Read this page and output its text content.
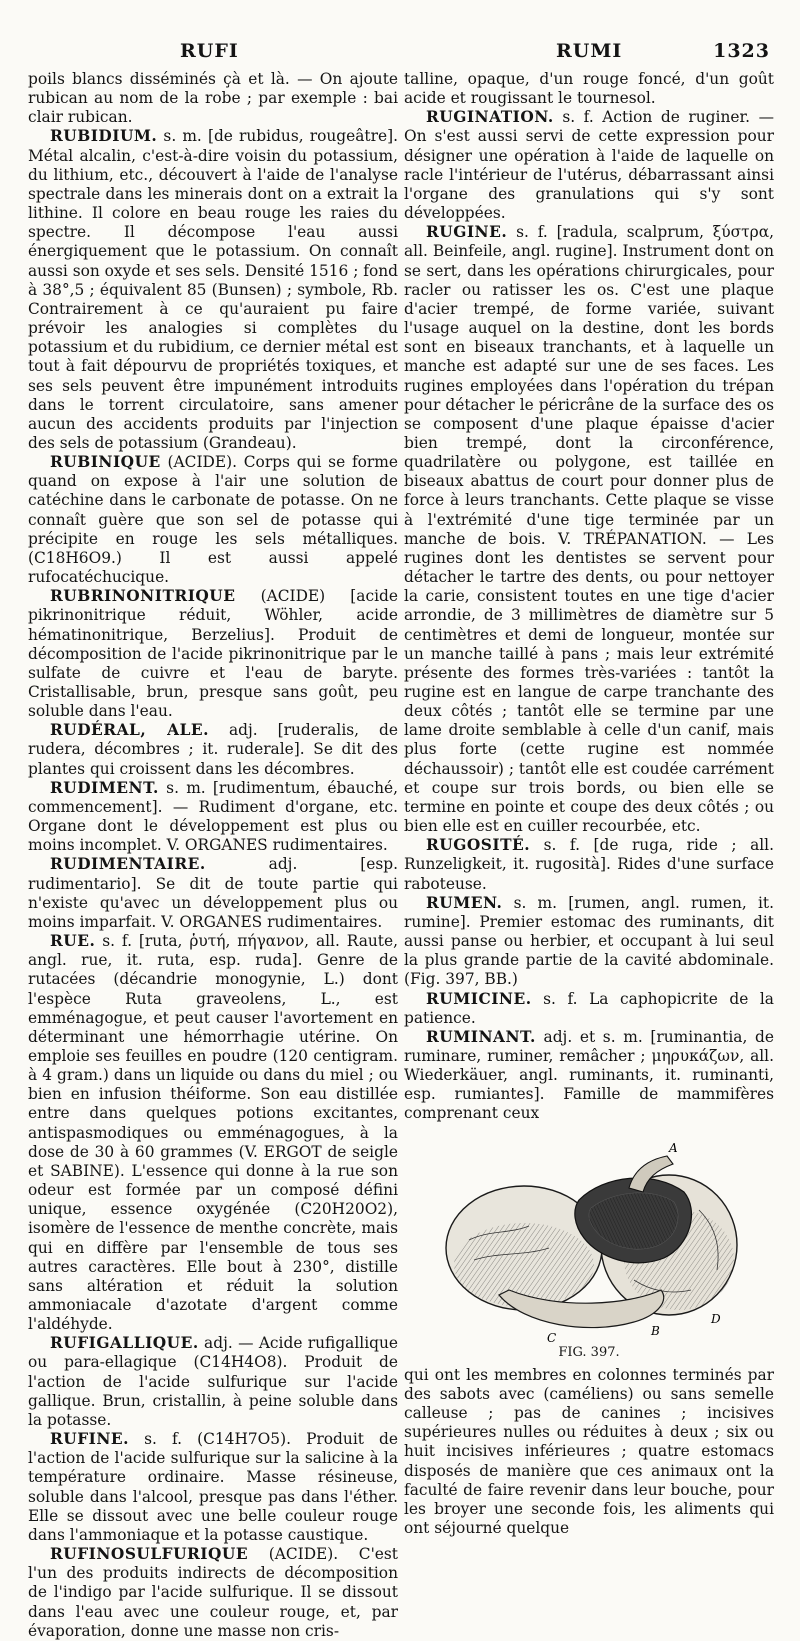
RUFI	RUMI	1323

poils blancs disséminés çà et là. — On ajoute rubican au nom de la robe ; par exemple : bai clair rubican.

RUBIDIUM. s. m. [de rubidus, rougeâtre]. Métal alcalin, c'est-à-dire voisin du potassium, du lithium, etc., découvert à l'aide de l'analyse spectrale dans les minerais dont on a extrait la lithine. Il colore en beau rouge les raies du spectre. Il décompose l'eau aussi énergiquement que le potassium. On connaît aussi son oxyde et ses sels. Densité 1516 ; fond à 38°,5 ; équivalent 85 (Bunsen) ; symbole, Rb. Contrairement à ce qu'auraient pu faire prévoir les analogies si complètes du potassium et du rubidium, ce dernier métal est tout à fait dépourvu de propriétés toxiques, et ses sels peuvent être impunément introduits dans le torrent circulatoire, sans amener aucun des accidents produits par l'injection des sels de potassium (Grandeau).

RUBINIQUE (ACIDE). Corps qui se forme quand on expose à l'air une solution de catéchine dans le carbonate de potasse. On ne connaît guère que son sel de potasse qui précipite en rouge les sels métalliques. (C18H6O9.) Il est aussi appelé rufocatéchucique.

RUBRINONITRIQUE (ACIDE) [acide pikrinonitrique réduit, Wöhler, acide hématinonitrique, Berzelius]. Produit de décomposition de l'acide pikrinonitrique par le sulfate de cuivre et l'eau de baryte. Cristallisable, brun, presque sans goût, peu soluble dans l'eau.

RUDÉRAL, ALE. adj. [ruderalis, de rudera, décombres ; it. ruderale]. Se dit des plantes qui croissent dans les décombres.

RUDIMENT. s. m. [rudimentum, ébauché, commencement]. — Rudiment d'organe, etc. Organe dont le développement est plus ou moins incomplet. V. ORGANES rudimentaires.

RUDIMENTAIRE.	adj. [esp. rudimentario]. Se dit de toute partie qui n'existe qu'avec un développement plus ou moins imparfait. V. ORGANES rudimentaires.

RUE. s. f. [ruta, ῥυτή, πήγανον, all. Raute, angl. rue, it. ruta, esp. ruda]. Genre de rutacées (décandrie monogynie, L.) dont l'espèce Ruta graveolens, L., est emménagogue, et peut causer l'avortement en déterminant une hémorrhagie utérine. On emploie ses feuilles en poudre (120 centigram. à 4 gram.) dans un liquide ou dans du miel ; ou bien en infusion théiforme. Son eau distillée entre dans quelques potions excitantes, antispasmodiques ou emménagogues, à la dose de 30 à 60 grammes (V. ERGOT de seigle et SABINE). L'essence qui donne à la rue son odeur est formée par un composé défini unique, essence oxygénée (C20H20O2), isomère de l'essence de menthe concrète, mais qui en diffère par l'ensemble de tous ses autres caractères. Elle bout à 230°, distille sans altération et réduit la solution ammoniacale d'azotate d'argent comme l'aldéhyde.

RUFIGALLIQUE. adj. — Acide rufigallique ou para-ellagique (C14H4O8). Produit de l'action de l'acide sulfurique sur l'acide gallique. Brun, cristallin, à peine soluble dans la potasse.

RUFINE. s. f. (C14H7O5). Produit de l'action de l'acide sulfurique sur la salicine à la température ordinaire. Masse résineuse, soluble dans l'alcool, presque pas dans l'éther. Elle se dissout avec une belle couleur rouge dans l'ammoniaque et la potasse caustique.

RUFINOSULFURIQUE (ACIDE). C'est l'un des produits indirects de décomposition de l'indigo par l'acide sulfurique. Il se dissout dans l'eau avec une couleur rouge, et, par évaporation, donne une masse non cris-

talline, opaque, d'un rouge foncé, d'un goût acide et rougissant le tournesol.

RUGINATION. s. f. Action de ruginer. — On s'est aussi servi de cette expression pour désigner une opération à l'aide de laquelle on racle l'intérieur de l'utérus, débarrassant ainsi l'organe des granulations qui s'y sont développées.

RUGINE. s. f. [radula, scalprum, ξύστρα, all. Beinfeile, angl. rugine]. Instrument dont on se sert, dans les opérations chirurgicales, pour racler ou ratisser les os. C'est une plaque d'acier trempé, de forme variée, suivant l'usage auquel on la destine, dont les bords sont en biseaux tranchants, et à laquelle un manche est adapté sur une de ses faces. Les rugines employées dans l'opération du trépan pour détacher le péricrâne de la surface des os se composent d'une plaque épaisse d'acier bien trempé, dont la circonférence, quadrilatère ou polygone, est taillée en biseaux abattus de court pour donner plus de force à leurs tranchants. Cette plaque se visse à l'extrémité d'une tige terminée par un manche de bois. V. TRÉPANATION. — Les rugines dont les dentistes se servent pour détacher le tartre des dents, ou pour nettoyer la carie, consistent toutes en une tige d'acier arrondie, de 3 millimètres de diamètre sur 5 centimètres et demi de longueur, montée sur un manche taillé à pans ; mais leur extrémité présente des formes très-variées : tantôt la rugine est en langue de carpe tranchante des deux côtés ; tantôt elle se termine par une lame droite semblable à celle d'un canif, mais plus forte (cette rugine est nommée déchaussoir) ; tantôt elle est coudée carrément et coupe sur trois bords, ou bien elle se termine en pointe et coupe des deux côtés ; ou bien elle est en cuiller recourbée, etc.

RUGOSITÉ. s. f. [de ruga, ride ; all. Runzeligkeit, it. rugosità]. Rides d'une surface raboteuse.

RUMEN. s. m. [rumen, angl. rumen, it. rumine]. Premier estomac des ruminants, dit aussi panse ou herbier, et occupant à lui seul la plus grande partie de la cavité abdominale. (Fig. 397, BB.)

RUMICINE. s. f. La caphopicrite de la patience.

RUMINANT. adj. et s. m. [ruminantia, de ruminare, ruminer, remâcher ; μηρυκάζων, all. Wiederkäuer, angl. ruminants, it. ruminanti, esp. rumiantes]. Famille de mammifères comprenant ceux

A
C	B
D
FIG. 397.

qui ont les membres en colonnes terminés par des sabots avec (caméliens) ou sans semelle calleuse ; pas de canines ; incisives supérieures nulles ou réduites à deux ; six ou huit incisives inférieures ; quatre estomacs disposés de manière que ces animaux ont la faculté de faire revenir dans leur bouche, pour les broyer une seconde fois, les aliments qui ont séjourné quelque
